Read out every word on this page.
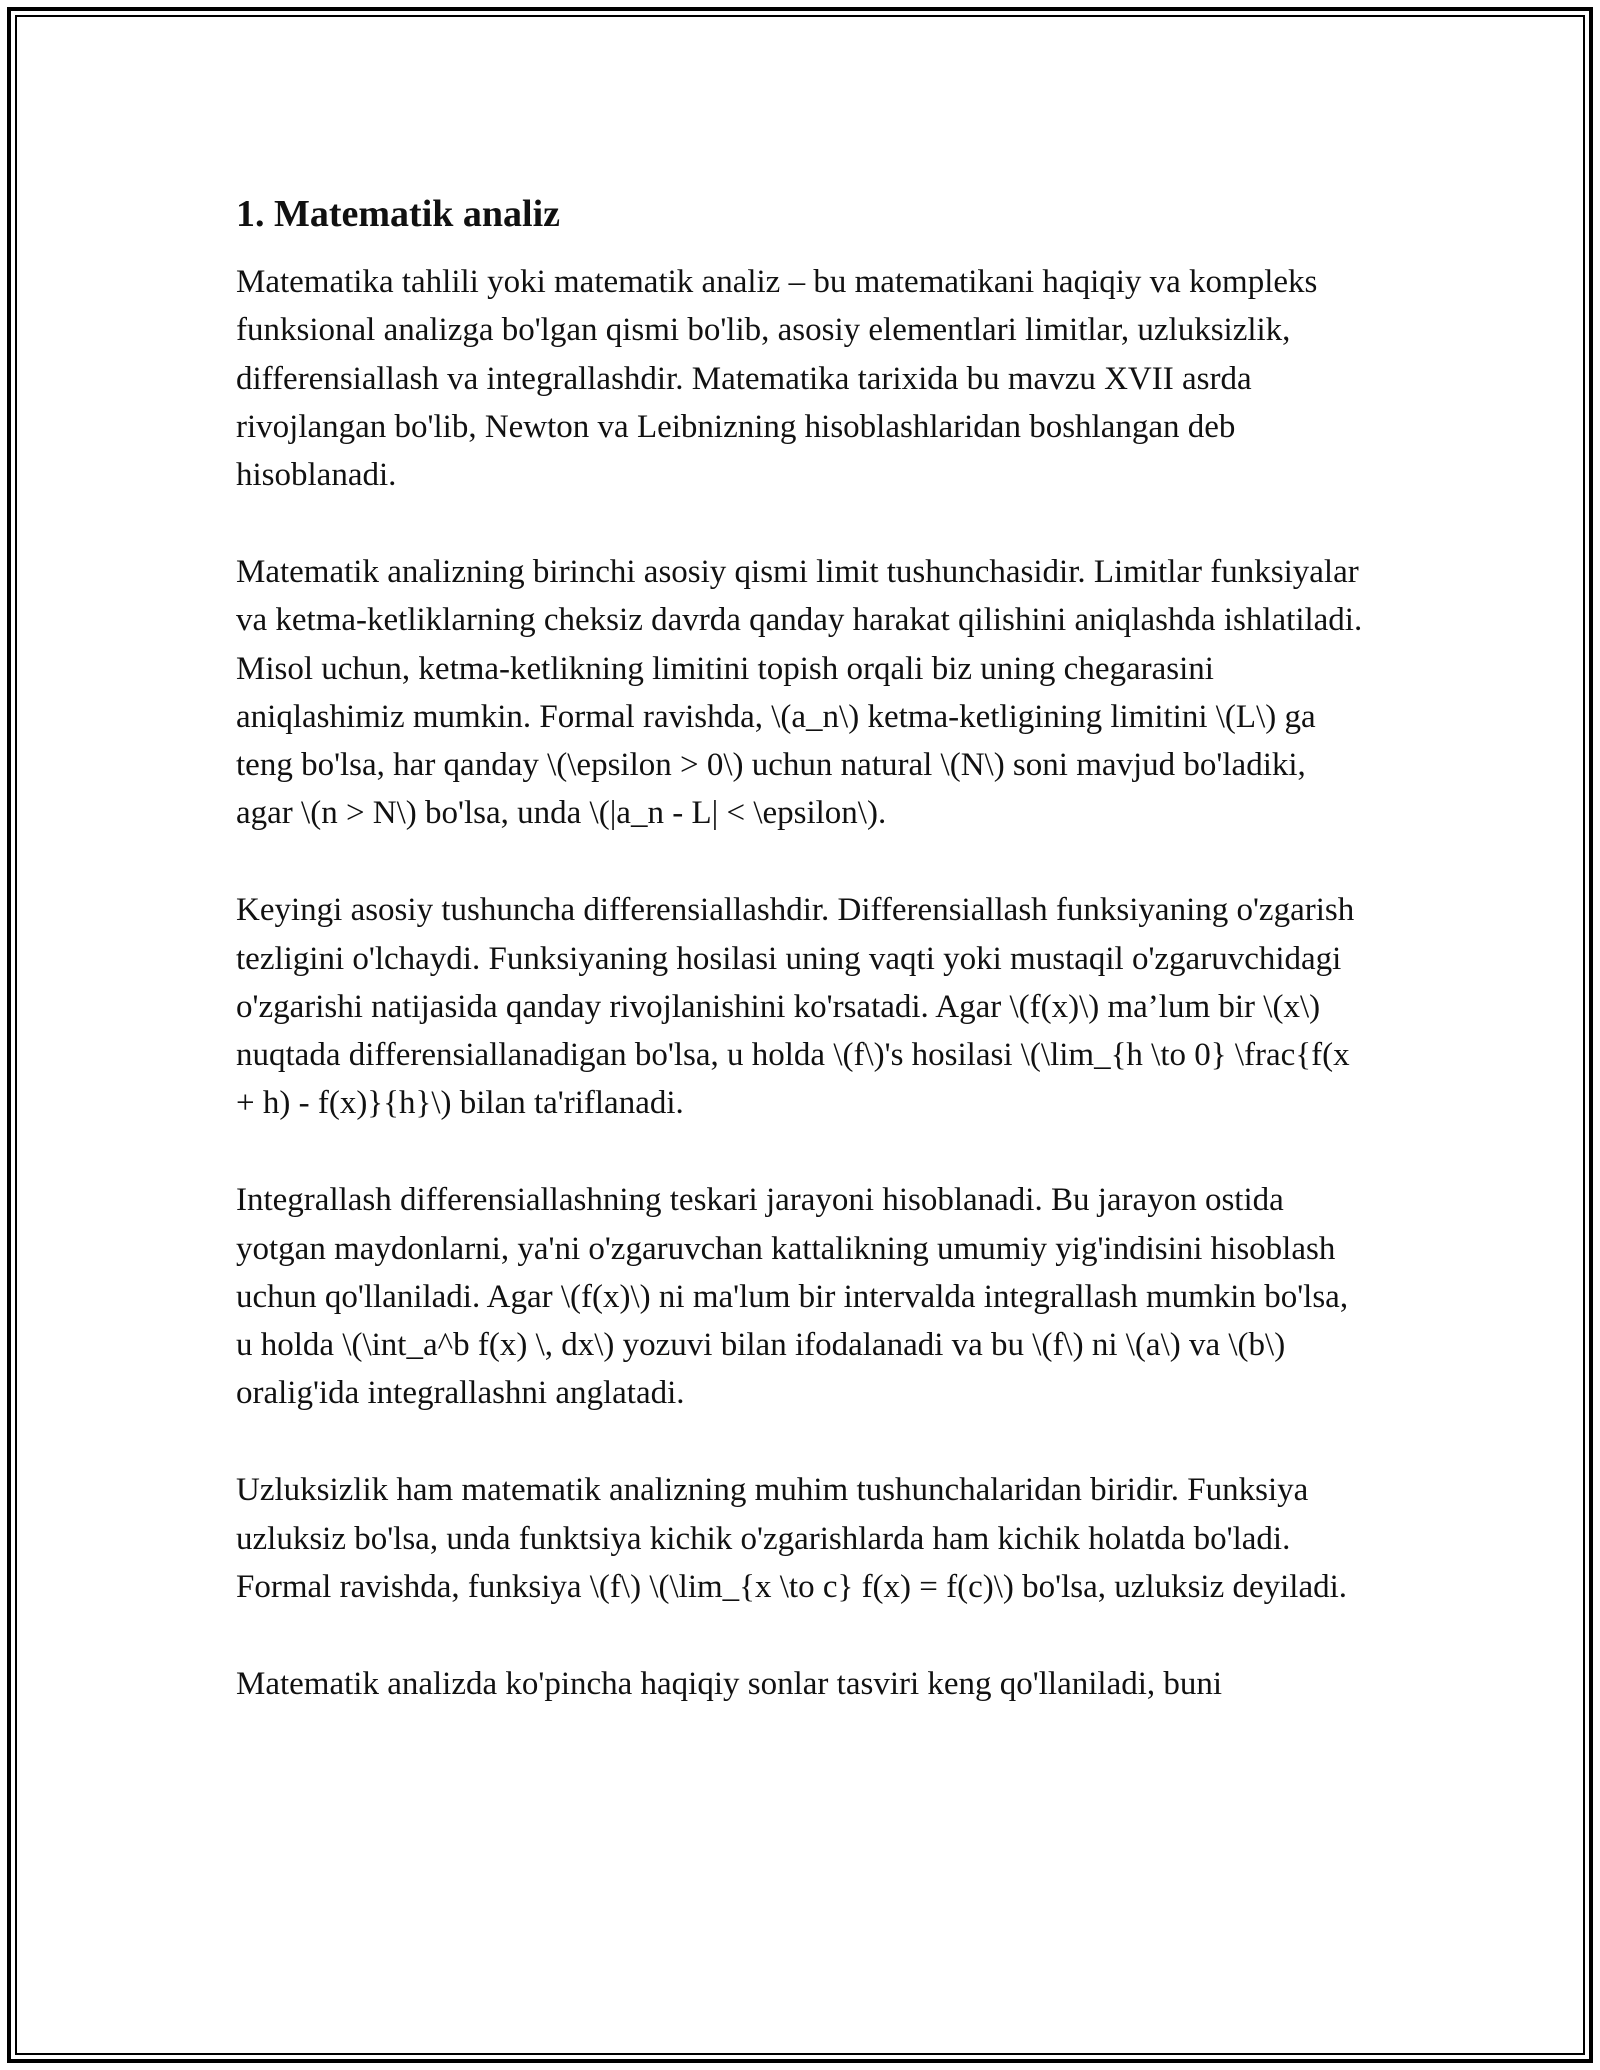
1. Matematik analiz

Matematika tahlili yoki matematik analiz – bu matematikani haqiqiy va kompleks funksional analizga bo'lgan qismi bo'lib, asosiy elementlari limitlar, uzluksizlik, differensiallash va integrallashdir. Matematika tarixida bu mavzu XVII asrda rivojlangan bo'lib, Newton va Leibnizning hisoblashlaridan boshlangan deb hisoblanadi.

Matematik analizning birinchi asosiy qismi limit tushunchasidir. Limitlar funksiyalar va ketma-ketliklarning cheksiz davrda qanday harakat qilishini aniqlashda ishlatiladi. Misol uchun, ketma-ketlikning limitini topish orqali biz uning chegarasini aniqlashimiz mumkin. Formal ravishda, \(a_n\) ketma-ketligining limitini \(L\) ga teng bo'lsa, har qanday \(\epsilon > 0\) uchun natural \(N\) soni mavjud bo'ladiki, agar \(n > N\) bo'lsa, unda \(|a_n - L| < \epsilon\).

Keyingi asosiy tushuncha differensiallashdir. Differensiallash funksiyaning o'zgarish tezligini o'lchaydi. Funksiyaning hosilasi uning vaqti yoki mustaqil o'zgaruvchidagi o'zgarishi natijasida qanday rivojlanishini ko'rsatadi. Agar \(f(x)\) ma’lum bir \(x\) nuqtada differensiallanadigan bo'lsa, u holda \(f\)'s hosilasi \(\lim_{h \to 0} \frac{f(x + h) - f(x)}{h}\) bilan ta'riflanadi.

Integrallash differensiallashning teskari jarayoni hisoblanadi. Bu jarayon ostida yotgan maydonlarni, ya'ni o'zgaruvchan kattalikning umumiy yig'indisini hisoblash uchun qo'llaniladi. Agar \(f(x)\) ni ma'lum bir intervalda integrallash mumkin bo'lsa, u holda \(\int_a^b f(x) \, dx\) yozuvi bilan ifodalanadi va bu \(f\) ni \(a\) va \(b\) oralig'ida integrallashni anglatadi.

Uzluksizlik ham matematik analizning muhim tushunchalaridan biridir. Funksiya uzluksiz bo'lsa, unda funktsiya kichik o'zgarishlarda ham kichik holatda bo'ladi. Formal ravishda, funksiya \(f\) \(\lim_{x \to c} f(x) = f(c)\) bo'lsa, uzluksiz deyiladi.

Matematik analizda ko'pincha haqiqiy sonlar tasviri keng qo'llaniladi, buni
